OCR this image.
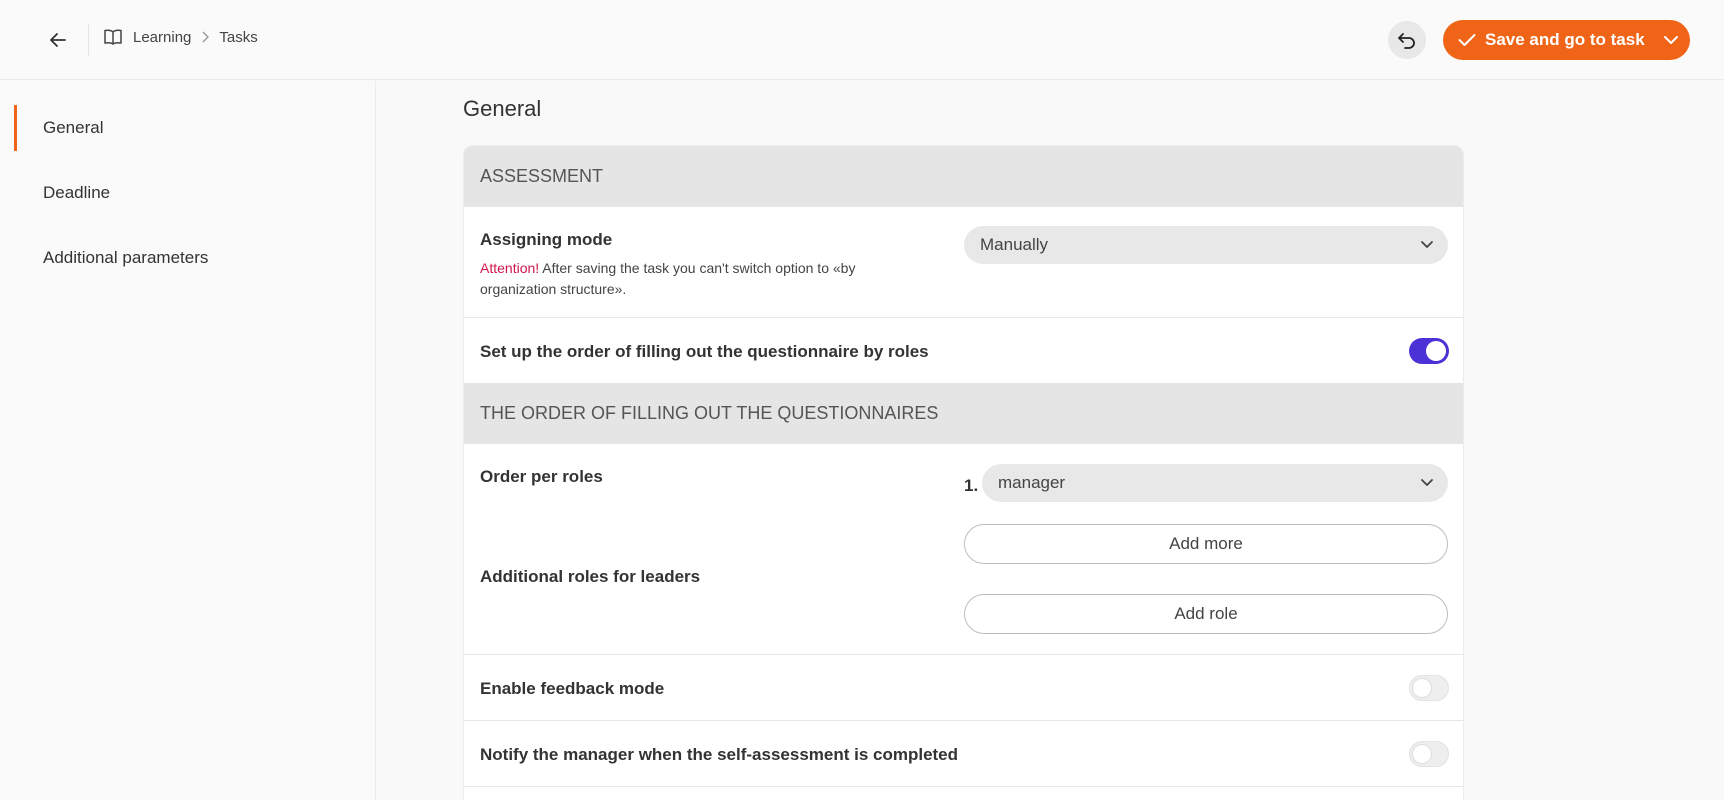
Learning Tasks	Save and go to task
General
Deadline
Additional parameters
General
ASSESSMENT
Assigning mode
Attention! After saving the task you can't switch option to «by organization structure».
Manually
Set up the order of filling out the questionnaire by roles
THE ORDER OF FILLING OUT THE QUESTIONNAIRES
Order per roles	1. manager
Add more
Additional roles for leaders
Add role
Enable feedback mode
Notify the manager when the self-assessment is completed
